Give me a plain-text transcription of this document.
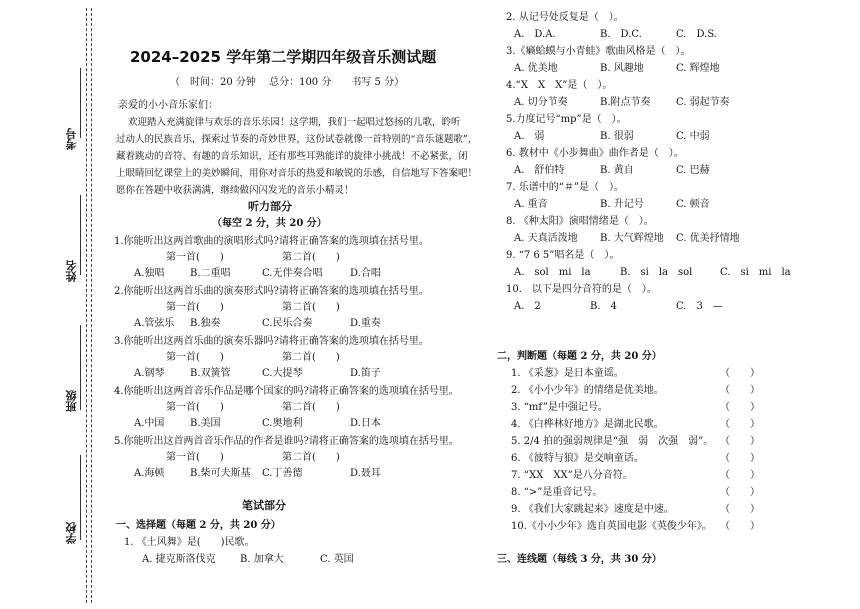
考号
姓名
班级
学校
2024–2025 学年第二学期四年级音乐测试题
（　时间：20 分钟　 总分：100 分　　书写 5 分）
亲爱的小小音乐家们：
欢迎踏入充满旋律与欢乐的音乐乐园！这学期，我们一起唱过悠扬的儿歌，聆听
过动人的民族音乐，探索过节奏的奇妙世界，这份试卷就像一首特别的“音乐谜题歌”，
藏着跳动的音符、有趣的音乐知识，还有那些耳熟能详的旋律小挑战！不必紧张，闭
上眼睛回忆课堂上的美妙瞬间，用你对音乐的热爱和敏锐的乐感，自信地写下答案吧！
愿你在答题中收获满满，继续做闪闪发光的音乐小精灵！
听力部分
（每空 2 分，共 20 分）
笔试部分
一、选择题（每题 2 分，共 20 分）
1. 《土风舞》是(　　)民歌。
A. 捷克斯洛伐克 B. 加拿大	C. 英国
二，判断题（每题 2 分，共 20 分）
三、连线题（每线 3 分，共 30 分）
1.你能听出这两首歌曲的演唱形式吗?请将正确答案的选项填在括号里。
第一首(　　)	第二首(　　)
A.独唱	B.二重唱	C.无伴奏合唱	D.合唱
2.你能听出这两首乐曲的演奏形式吗?请将正确答案的选项填在括号里。
第一首(　　)	第二首(　　)
A.管弦乐 B.独奏	C.民乐合奏	D.重奏
3.你能听出这两首乐曲的演奏乐器吗?请将正确答案的选项填在括号里。
第一首(　　)	第二首(　　)
A.钢琴	B.双簧管	C.大提琴	D.笛子
4.你能听出这两首音乐作品是哪个国家的吗?请将正确答案的选项填在括号里。
第一首(　　)	第二首(　　)
A.中国	B.美国	C.奥地利	D.日本
5.你能听出这首两首音乐作品的作者是谁吗?请将正确答案的选项填在括号里。
第一首(　　)	第二首(　　)
A.海顿	B.柴可夫斯基 C.丁善德	D.聂耳
2. 从记号处反复是（　）。
A.　D.A.	B.　D.C.	C.　D.S.
3.《癞蛤蟆与小青蛙》歌曲风格是（　）。
A. 优美地	B. 风趣地	C. 辉煌地
4.“X　X　X”是（　）。
A. 切分节奏	B.附点节奏	C. 弱起节奏
5.力度记号“mp”是（　）。
A.　弱	B. 很弱	C. 中弱
6. 教材中《小步舞曲》曲作者是（　）。
A.　舒伯特	B. 黄自	C. 巴赫
7. 乐谱中的“＃”是（　）。
A. 重音	B. 升记号	C. 顿音
8. 《种太阳》演唱情绪是（　）。
A. 天真活泼地 B. 大气辉煌地 C. 优美抒情地
9. “7 6 5”唱名是（　）。
A.　sol　mi　la	B.　si　la　sol	C.　si　mi　la
10.　以下是四分音符的是（　）。
A.　2	B.　4	C.　3　—
1. 《采葱》是日本童谣。	（　　）
2. 《小小少年》的情绪是优美地。	（　　）
3. “mf”是中强记号。	（　　）
4. 《白桦林好地方》是湖北民歌。	（　　）
5. 2/4 拍的强弱规律是“强　弱　次强　弱”。 （　　）
6. 《彼特与狼》是交响童话。	（　　）
7. “XX　XX”是八分音符。	（　　）
8. “>”是重音记号。	（　　）
9. 《我们大家跳起来》速度是中速。	（　　）
10.《小小少年》选自英国电影《英俊少年》。 （　　）
